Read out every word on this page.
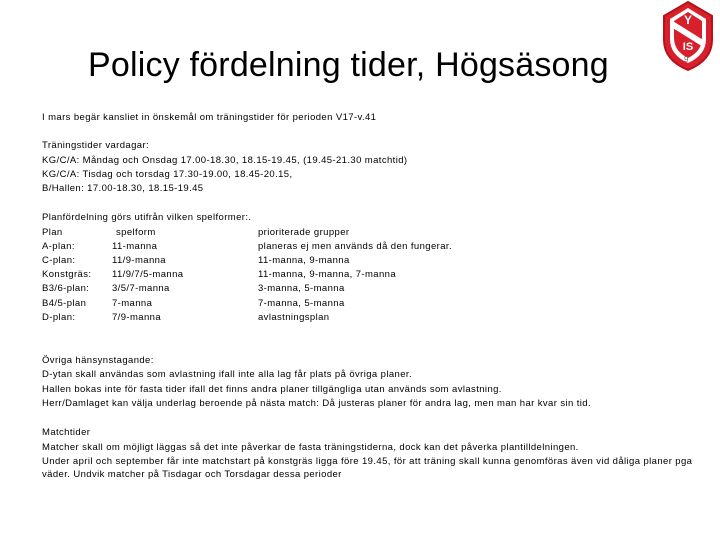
Policy fördelning tider, Högsäsong
Y
IS
9
I mars begär kansliet in önskemål om träningstider för perioden V17-v.41
Träningstider vardagar:
KG/C/A: Måndag och Onsdag 17.00-18.30, 18.15-19.45, (19.45-21.30 matchtid)
KG/C/A: Tisdag och torsdag 17.30-19.00, 18.45-20.15,
B/Hallen: 17.00-18.30, 18.15-19.45
Planfördelning görs utifrån vilken spelformer:.
Plan	spelform	prioriterade grupper
A-plan:	11-manna	planeras ej men används då den fungerar.
C-plan:	11/9-manna	11-manna, 9-manna
Konstgräs: 11/9/7/5-manna	11-manna, 9-manna, 7-manna
B3/6-plan: 3/5/7-manna	3-manna, 5-manna
B4/5-plan	7-manna	7-manna, 5-manna
D-plan:	7/9-manna	avlastningsplan
Övriga hänsynstagande:
D-ytan skall användas som avlastning ifall inte alla lag får plats på övriga planer.
Hallen bokas inte för fasta tider ifall det finns andra planer tillgängliga utan används som avlastning.
Herr/Damlaget kan välja underlag beroende på nästa match: Då justeras planer för andra lag, men man har kvar sin tid.
Matchtider
Matcher skall om möjligt läggas så det inte påverkar de fasta träningstiderna, dock kan det påverka plantilldelningen.
Under april och september får inte matchstart på konstgräs ligga före 19.45, för att träning skall kunna genomföras även vid dåliga planer pga
väder. Undvik matcher på Tisdagar och Torsdagar dessa perioder
